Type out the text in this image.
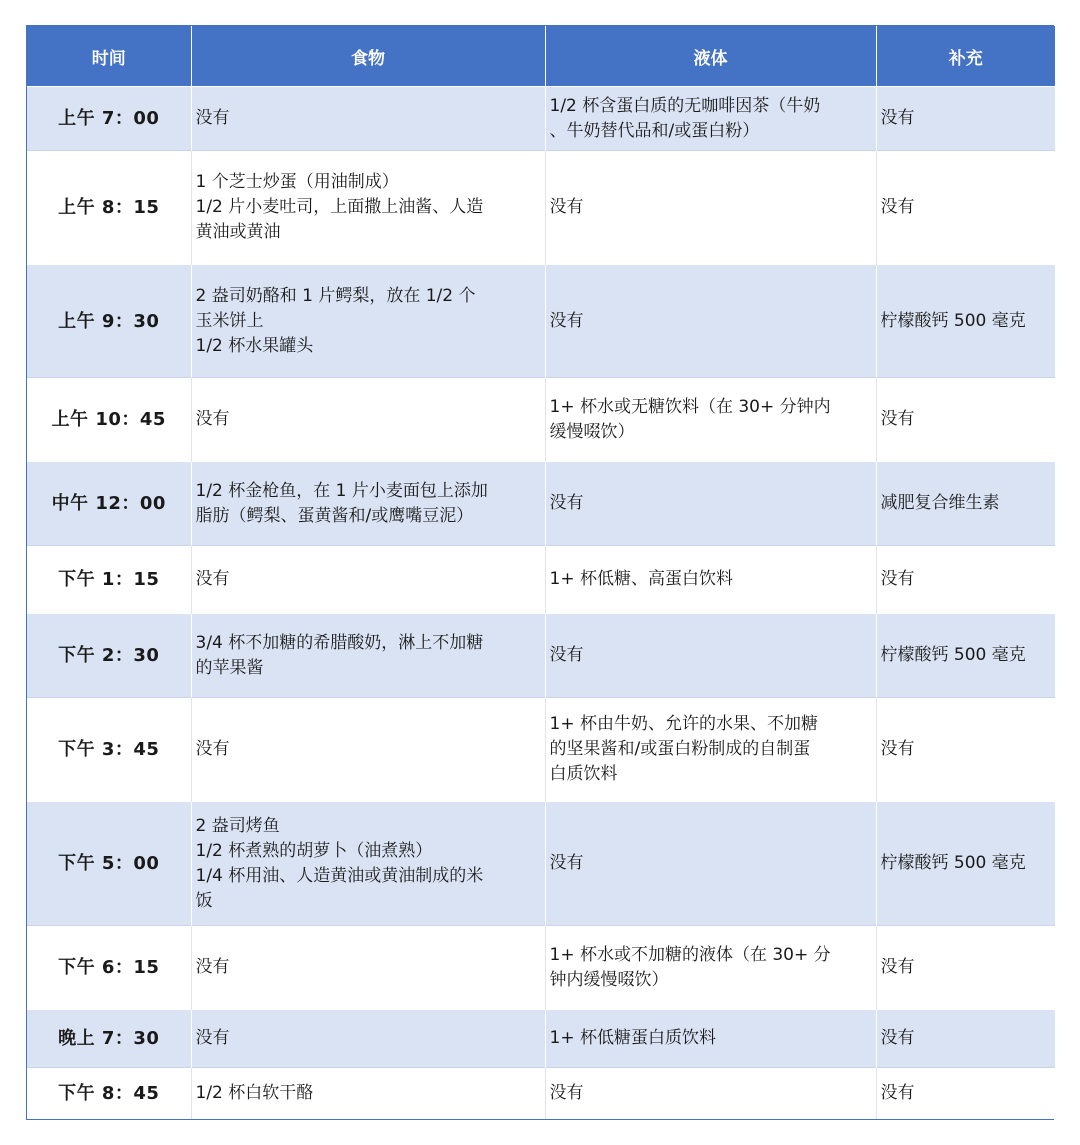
时间	食物	液体	补充
上午 7：00	没有	1/2 杯含蛋白质的无咖啡因茶（牛奶
、牛奶替代品和/或蛋白粉）	没有
上午 8：15	1 个芝士炒蛋（用油制成）
1/2 片小麦吐司，上面撒上油酱、人造
黄油或黄油	没有	没有
上午 9：30	2 盎司奶酪和 1 片鳄梨，放在 1/2 个
玉米饼上
1/2 杯水果罐头	没有	柠檬酸钙 500 毫克
上午 10：45	没有	1+ 杯水或无糖饮料（在 30+ 分钟内
缓慢啜饮）	没有
中午 12：00	1/2 杯金枪鱼，在 1 片小麦面包上添加
脂肪（鳄梨、蛋黄酱和/或鹰嘴豆泥）	没有	减肥复合维生素
下午 1：15	没有	1+ 杯低糖、高蛋白饮料	没有
下午 2：30	3/4 杯不加糖的希腊酸奶，淋上不加糖
的苹果酱	没有	柠檬酸钙 500 毫克
下午 3：45	没有	1+ 杯由牛奶、允许的水果、不加糖
的坚果酱和/或蛋白粉制成的自制蛋
白质饮料	没有
下午 5：00	2 盎司烤鱼
1/2 杯煮熟的胡萝卜（油煮熟）
1/4 杯用油、人造黄油或黄油制成的米
饭	没有	柠檬酸钙 500 毫克
下午 6：15	没有	1+ 杯水或不加糖的液体（在 30+ 分
钟内缓慢啜饮）	没有
晚上 7：30	没有	1+ 杯低糖蛋白质饮料	没有
下午 8：45	1/2 杯白软干酪	没有	没有
